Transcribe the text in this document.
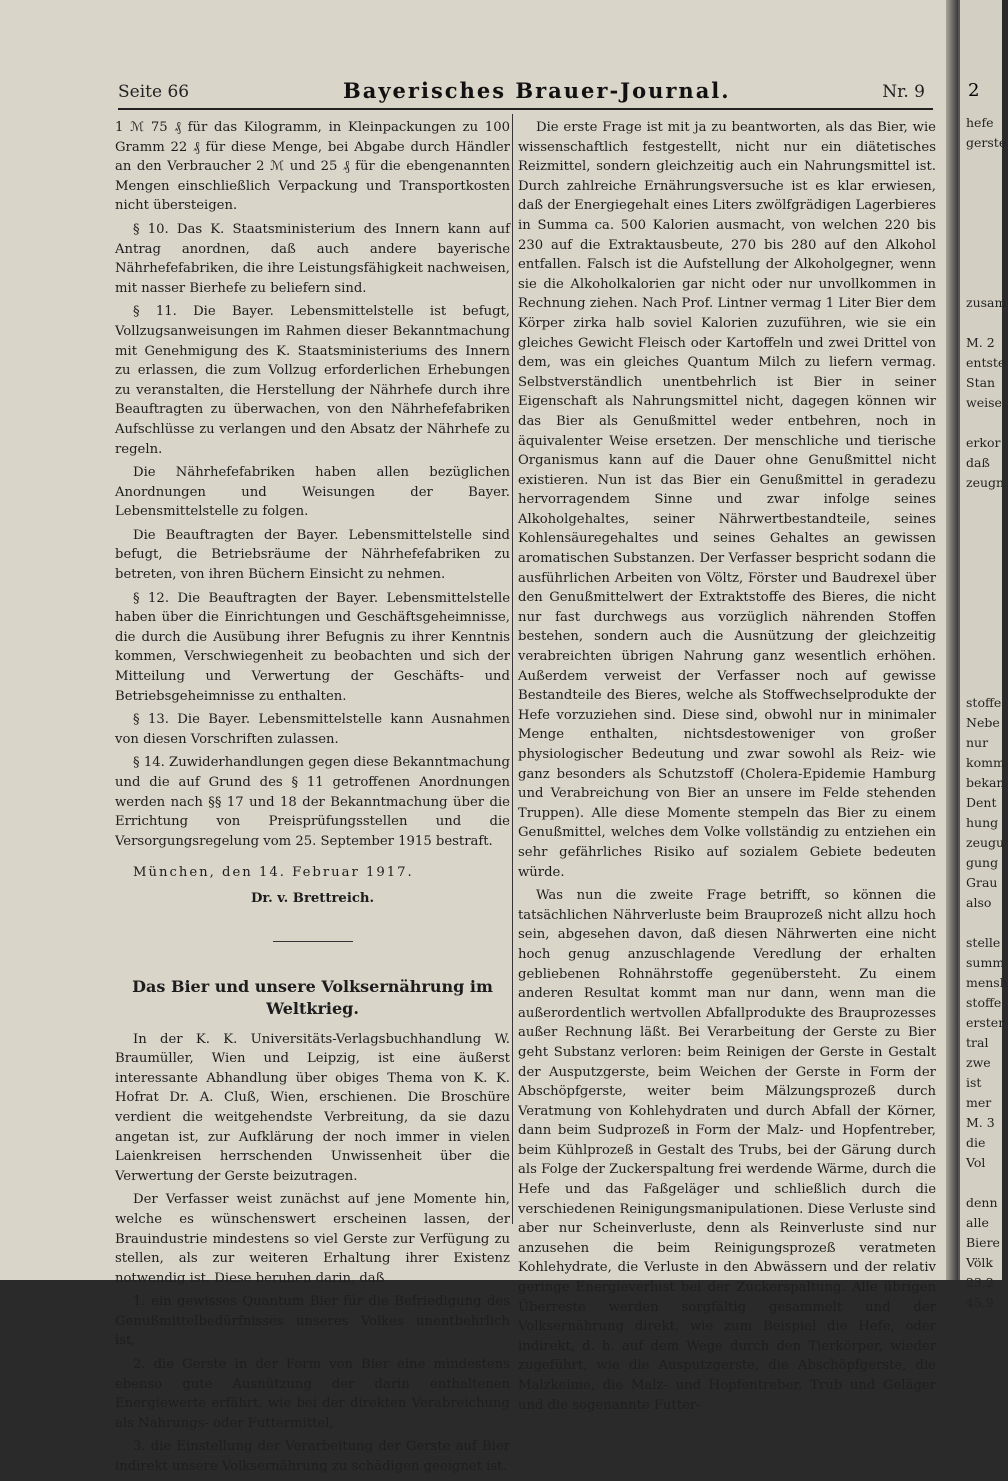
Seite 66	Bayerisches Brauer-Journal.	Nr. 9

1 ℳ 75 ₰ für das Kilogramm, in Kleinpackungen zu 100 Gramm 22 ₰ für diese Menge, bei Abgabe durch Händler an den Verbraucher 2 ℳ und 25 ₰ für die ebengenannten Mengen einschließlich Verpackung und Transportkosten nicht übersteigen.

§ 10. Das K. Staatsministerium des Innern kann auf Antrag anordnen, daß auch andere bayerische Nährhefefabriken, die ihre Leistungsfähigkeit nachweisen, mit nasser Bierhefe zu beliefern sind.

§ 11. Die Bayer. Lebensmittelstelle ist befugt, Vollzugsanweisungen im Rahmen dieser Bekanntmachung mit Genehmigung des K. Staatsministeriums des Innern zu erlassen, die zum Vollzug erforderlichen Erhebungen zu veranstalten, die Herstellung der Nährhefe durch ihre Beauftragten zu überwachen, von den Nährhefefabriken Aufschlüsse zu verlangen und den Absatz der Nährhefe zu regeln.

Die Nährhefefabriken haben allen bezüglichen Anordnungen und Weisungen der Bayer. Lebensmittelstelle zu folgen.

Die Beauftragten der Bayer. Lebensmittelstelle sind befugt, die Betriebsräume der Nährhefefabriken zu betreten, von ihren Büchern Einsicht zu nehmen.

§ 12. Die Beauftragten der Bayer. Lebensmittelstelle haben über die Einrichtungen und Geschäftsgeheimnisse, die durch die Ausübung ihrer Befugnis zu ihrer Kenntnis kommen, Verschwiegenheit zu beobachten und sich der Mitteilung und Verwertung der Geschäfts- und Betriebsgeheimnisse zu enthalten.

§ 13. Die Bayer. Lebensmittelstelle kann Ausnahmen von diesen Vorschriften zulassen.

§ 14. Zuwiderhandlungen gegen diese Bekanntmachung und die auf Grund des § 11 getroffenen Anordnungen werden nach §§ 17 und 18 der Bekanntmachung über die Errichtung von Preisprüfungsstellen und die Versorgungsregelung vom 25. September 1915 bestraft.

München, den 14. Februar 1917.

Dr. v. Brettreich.

Das Bier und unsere Volksernährung im Weltkrieg.

In der K. K. Universitäts-Verlagsbuchhandlung W. Braumüller, Wien und Leipzig, ist eine äußerst interessante Abhandlung über obiges Thema von K. K. Hofrat Dr. A. Cluß, Wien, erschienen. Die Broschüre verdient die weitgehendste Verbreitung, da sie dazu angetan ist, zur Aufklärung der noch immer in vielen Laienkreisen herrschenden Unwissenheit über die Verwertung der Gerste beizutragen.

Der Verfasser weist zunächst auf jene Momente hin, welche es wünschenswert erscheinen lassen, der Brauindustrie mindestens so viel Gerste zur Verfügung zu stellen, als zur weiteren Erhaltung ihrer Existenz notwendig ist. Diese beruhen darin, daß

1. ein gewisses Quantum Bier für die Befriedigung des Genußmittelbedürfnisses unseres Volkes unentbehrlich ist,

2. die Gerste in der Form von Bier eine mindestens ebenso gute Ausnützung der darin enthaltenen Energiewerte erfährt, wie bei der direkten Verabreichung als Nahrungs- oder Futtermittel,

3. die Einstellung der Verarbeitung der Gerste auf Bier indirekt unsere Volksernährung zu schädigen geeignet ist.

Die erste Frage ist mit ja zu beantworten, als das Bier, wie wissenschaftlich festgestellt, nicht nur ein diätetisches Reizmittel, sondern gleichzeitig auch ein Nahrungsmittel ist. Durch zahlreiche Ernährungsversuche ist es klar erwiesen, daß der Energiegehalt eines Liters zwölfgrädigen Lagerbieres in Summa ca. 500 Kalorien ausmacht, von welchen 220 bis 230 auf die Extraktausbeute, 270 bis 280 auf den Alkohol entfallen. Falsch ist die Aufstellung der Alkoholgegner, wenn sie die Alkoholkalorien gar nicht oder nur unvollkommen in Rechnung ziehen. Nach Prof. Lintner vermag 1 Liter Bier dem Körper zirka halb soviel Kalorien zuzuführen, wie sie ein gleiches Gewicht Fleisch oder Kartoffeln und zwei Drittel von dem, was ein gleiches Quantum Milch zu liefern vermag. Selbstverständlich unentbehrlich ist Bier in seiner Eigenschaft als Nahrungsmittel nicht, dagegen können wir das Bier als Genußmittel weder entbehren, noch in äquivalenter Weise ersetzen. Der menschliche und tierische Organismus kann auf die Dauer ohne Genußmittel nicht existieren. Nun ist das Bier ein Genußmittel in geradezu hervorragendem Sinne und zwar infolge seines Alkoholgehaltes, seiner Nährwertbestandteile, seines Kohlensäuregehaltes und seines Gehaltes an gewissen aromatischen Substanzen. Der Verfasser bespricht sodann die ausführlichen Arbeiten von Völtz, Förster und Baudrexel über den Genußmittelwert der Extraktstoffe des Bieres, die nicht nur fast durchwegs aus vorzüglich nährenden Stoffen bestehen, sondern auch die Ausnützung der gleichzeitig verabreichten übrigen Nahrung ganz wesentlich erhöhen. Außerdem verweist der Verfasser noch auf gewisse Bestandteile des Bieres, welche als Stoffwechselprodukte der Hefe vorzuziehen sind. Diese sind, obwohl nur in minimaler Menge enthalten, nichtsdestoweniger von großer physiologischer Bedeutung und zwar sowohl als Reiz- wie ganz besonders als Schutzstoff (Cholera-Epidemie Hamburg und Verabreichung von Bier an unsere im Felde stehenden Truppen). Alle diese Momente stempeln das Bier zu einem Genußmittel, welches dem Volke vollständig zu entziehen ein sehr gefährliches Risiko auf sozialem Gebiete bedeuten würde.

Was nun die zweite Frage betrifft, so können die tatsächlichen Nährverluste beim Brauprozeß nicht allzu hoch sein, abgesehen davon, daß diesen Nährwerten eine nicht hoch genug anzuschlagende Veredlung der erhalten gebliebenen Rohnährstoffe gegenübersteht. Zu einem anderen Resultat kommt man nur dann, wenn man die außerordentlich wertvollen Abfallprodukte des Brauprozesses außer Rechnung läßt. Bei Verarbeitung der Gerste zu Bier geht Substanz verloren: beim Reinigen der Gerste in Gestalt der Ausputzgerste, beim Weichen der Gerste in Form der Abschöpfgerste, weiter beim Mälzungsprozeß durch Veratmung von Kohlehydraten und durch Abfall der Körner, dann beim Sudprozeß in Form der Malz- und Hopfentreber, beim Kühlprozeß in Gestalt des Trubs, bei der Gärung durch als Folge der Zuckerspaltung frei werdende Wärme, durch die Hefe und das Faßgeläger und schließlich durch die verschiedenen Reinigungsmanipulationen. Diese Verluste sind aber nur Scheinverluste, denn als Reinverluste sind nur anzusehen die beim Reinigungsprozeß veratmeten Kohlehydrate, die Verluste in den Abwässern und der relativ geringe Energieverlust bei der Zuckerspaltung. Alle übrigen Überreste werden sorgfältig gesammelt und der Volksernährung direkt, wie zum Beispiel die Hefe, oder indirekt, d. h. auf dem Wege durch den Tierkörper, wieder zugeführt, wie die Ausputzgerste, die Abschöpfgerste, die Malzkeime, die Malz- und Hopfentreber, Trub und Geläger und die sogenannte Futter-

2
hefe
gerste

zusam

M. 2
entste
Stan
weise

erkor
daß
zeugn

stoffe
Nebe
nur
komm
bekan
Dent
hung
zeugu
gung
Grau
also

stelle
summ
mensh
stoffe
erster
tral
zwe
ist
mer
M. 3
die
Vol

denn
alle
Biere
Völk
23,2
45,9
